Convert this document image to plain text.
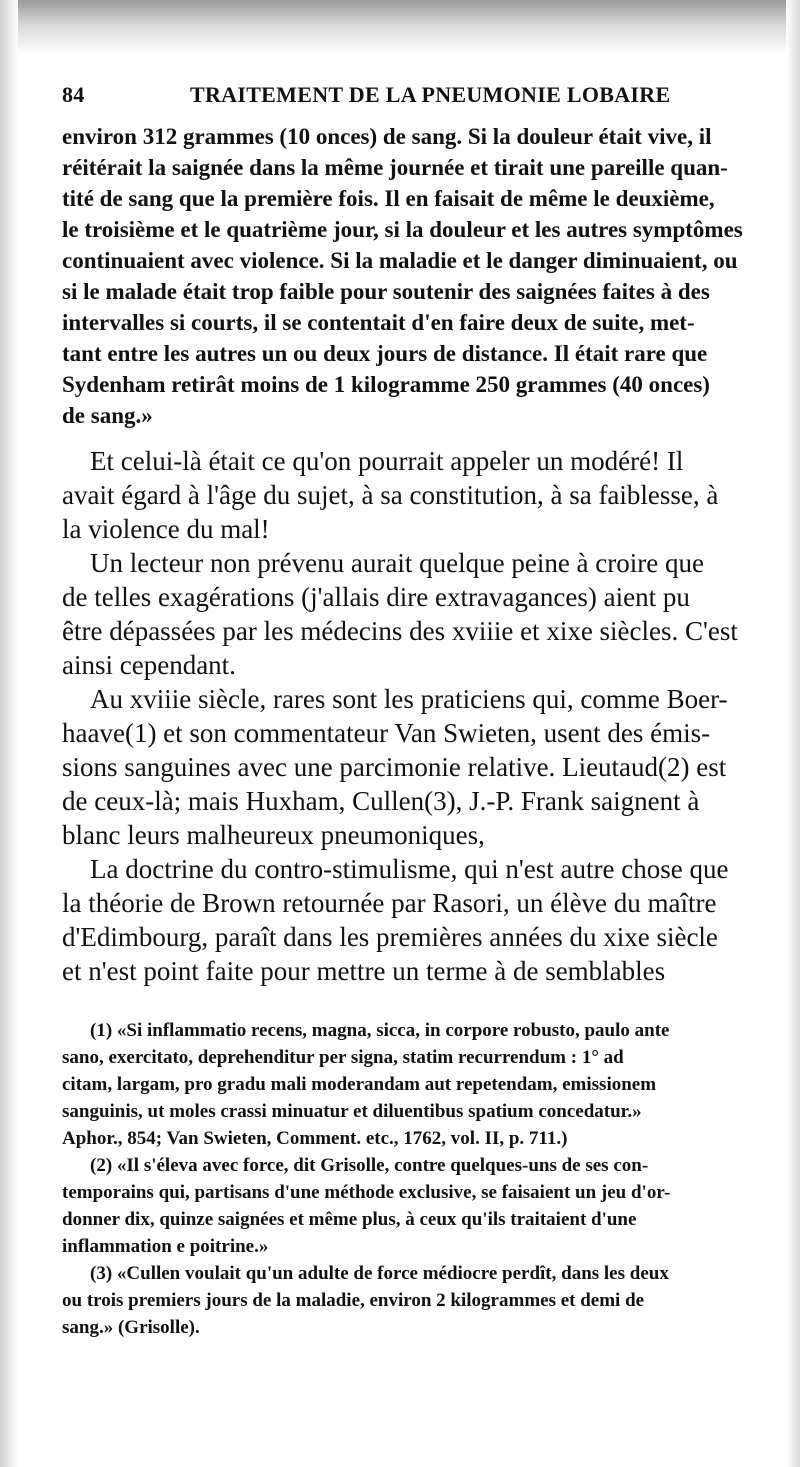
84	TRAITEMENT DE LA PNEUMONIE LOBAIRE
environ 312 grammes (10 onces) de sang. Si la douleur était vive, il
réitérait la saignée dans la même journée et tirait une pareille quan-
tité de sang que la première fois. Il en faisait de même le deuxième,
le troisième et le quatrième jour, si la douleur et les autres symptômes
continuaient avec violence. Si la maladie et le danger diminuaient, ou
si le malade était trop faible pour soutenir des saignées faites à des
intervalles si courts, il se contentait d'en faire deux de suite, met-
tant entre les autres un ou deux jours de distance. Il était rare que
Sydenham retirât moins de 1 kilogramme 250 grammes (40 onces)
de sang.»
Et celui-là était ce qu'on pourrait appeler un modéré! Il
avait égard à l'âge du sujet, à sa constitution, à sa faiblesse, à
la violence du mal!
Un lecteur non prévenu aurait quelque peine à croire que
de telles exagérations (j'allais dire extravagances) aient pu
être dépassées par les médecins des xviiie et xixe siècles. C'est
ainsi cependant.
Au xviiie siècle, rares sont les praticiens qui, comme Boer-
haave(1) et son commentateur Van Swieten, usent des émis-
sions sanguines avec une parcimonie relative. Lieutaud(2) est
de ceux-là; mais Huxham, Cullen(3), J.-P. Frank saignent à
blanc leurs malheureux pneumoniques,
La doctrine du contro-stimulisme, qui n'est autre chose que
la théorie de Brown retournée par Rasori, un élève du maître
d'Edimbourg, paraît dans les premières années du xixe siècle
et n'est point faite pour mettre un terme à de semblables
(1) «Si inflammatio recens, magna, sicca, in corpore robusto, paulo ante
sano, exercitato, deprehenditur per signa, statim recurrendum : 1° ad
citam, largam, pro gradu mali moderandam aut repetendam, emissionem
sanguinis, ut moles crassi minuatur et diluentibus spatium concedatur.»
Aphor., 854; Van Swieten, Comment. etc., 1762, vol. II, p. 711.)
(2) «Il s'éleva avec force, dit Grisolle, contre quelques-uns de ses con-
temporains qui, partisans d'une méthode exclusive, se faisaient un jeu d'or-
donner dix, quinze saignées et même plus, à ceux qu'ils traitaient d'une
inflammation e poitrine.»
(3) «Cullen voulait qu'un adulte de force médiocre perdît, dans les deux
ou trois premiers jours de la maladie, environ 2 kilogrammes et demi de
sang.» (Grisolle).
